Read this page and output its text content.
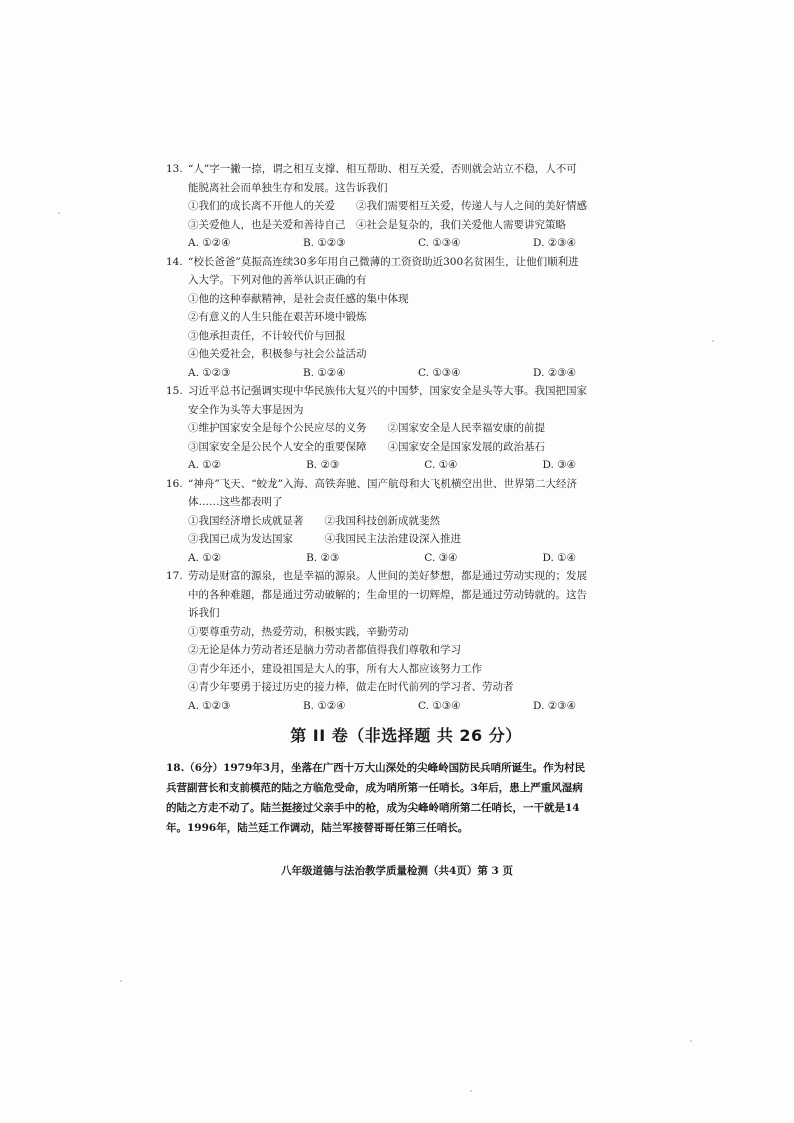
13. “人”字一撇一捺，谓之相互支撑、相互帮助、相互关爱，否则就会站立不稳，人不可
能脱离社会而单独生存和发展。这告诉我们
①我们的成长离不开他人的关爱　　②我们需要相互关爱，传递人与人之间的美好情感
③关爱他人，也是关爱和善待自己　④社会是复杂的，我们关爱他人需要讲究策略
A. ①②④	B. ①②③	C. ①③④	D. ②③④
14. “校长爸爸”莫振高连续30多年用自己微薄的工资资助近300名贫困生，让他们顺利进
入大学。下列对他的善举认识正确的有
①他的这种奉献精神，是社会责任感的集中体现
②有意义的人生只能在艰苦环境中锻炼
③他承担责任，不计较代价与回报
④他关爱社会，积极参与社会公益活动
A. ①②③	B. ①②④	C. ①③④	D. ②③④
15. 习近平总书记强调实现中华民族伟大复兴的中国梦，国家安全是头等大事。我国把国家
安全作为头等大事是因为
①维护国家安全是每个公民应尽的义务　　②国家安全是人民幸福安康的前提
③国家安全是公民个人安全的重要保障　　④国家安全是国家发展的政治基石
A. ①②	B. ②③	C. ①④	D. ③④
16. “神舟”飞天、“蛟龙”入海、高铁奔驰、国产航母和大飞机横空出世、世界第二大经济
体……这些都表明了
①我国经济增长成就显著　　②我国科技创新成就斐然
③我国已成为发达国家　　　④我国民主法治建设深入推进
A. ①②	B. ②③	C. ③④	D. ①④
17. 劳动是财富的源泉，也是幸福的源泉。人世间的美好梦想，都是通过劳动实现的；发展
中的各种难题，都是通过劳动破解的；生命里的一切辉煌，都是通过劳动铸就的。这告
诉我们
①要尊重劳动，热爱劳动，积极实践，辛勤劳动
②无论是体力劳动者还是脑力劳动者都值得我们尊敬和学习
③青少年还小，建设祖国是大人的事，所有大人都应该努力工作
④青少年要勇于接过历史的接力棒，做走在时代前列的学习者、劳动者
A. ①②③	B. ①②④	C. ①③④	D. ②③④
第 II 卷（非选择题 共 26 分）
18.（6分）1979年3月，坐落在广西十万大山深处的尖峰岭国防民兵哨所诞生。作为村民
兵营副营长和支前模范的陆之方临危受命，成为哨所第一任哨长。3年后，患上严重风湿病
的陆之方走不动了。陆兰挺接过父亲手中的枪，成为尖峰岭哨所第二任哨长，一干就是14
年。1996年，陆兰廷工作调动，陆兰军接替哥哥任第三任哨长。
八年级道德与法治教学质量检测（共4页）第 3 页
